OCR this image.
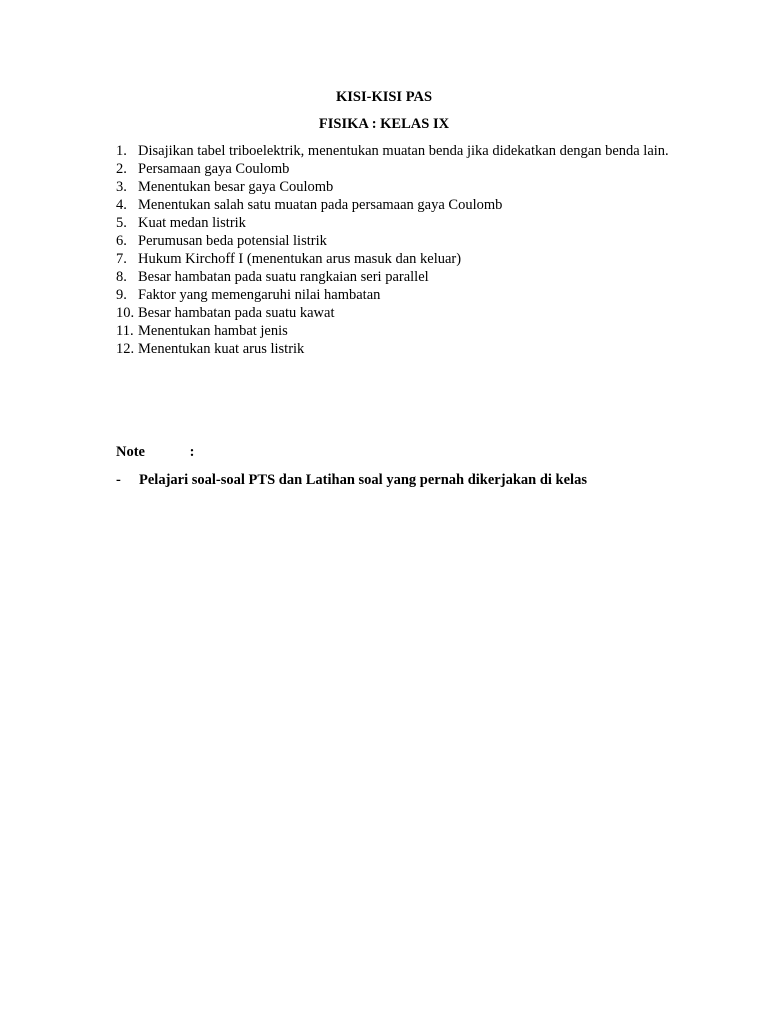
KISI-KISI PAS
FISIKA : KELAS IX
1. Disajikan tabel triboelektrik, menentukan muatan benda jika didekatkan dengan benda lain.
2. Persamaan gaya Coulomb
3. Menentukan besar gaya Coulomb
4. Menentukan salah satu muatan pada persamaan gaya Coulomb
5. Kuat medan listrik
6. Perumusan beda potensial listrik
7. Hukum Kirchoff I (menentukan arus masuk dan keluar)
8. Besar hambatan pada suatu rangkaian seri parallel
9. Faktor yang memengaruhi nilai hambatan
10. Besar hambatan pada suatu kawat
11. Menentukan hambat jenis
12. Menentukan kuat arus listrik
Note	:
-	Pelajari soal-soal PTS dan Latihan soal yang pernah dikerjakan di kelas
